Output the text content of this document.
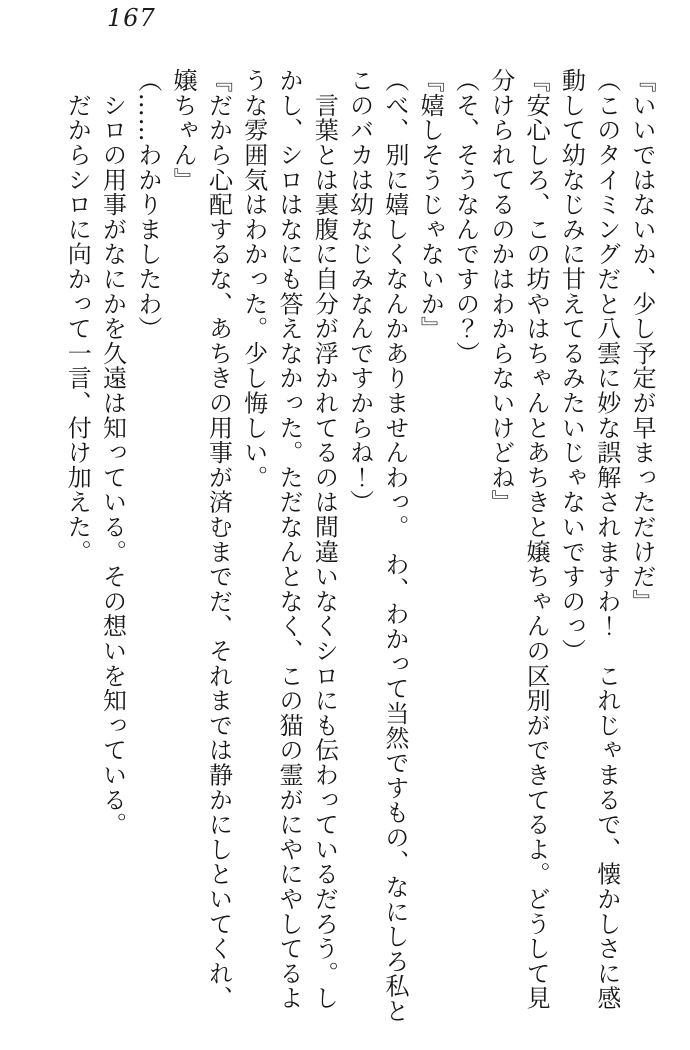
167

『いいではないか、少し予定が早まっただけだ』

（このタイミングだと八雲に妙な誤解されますわ！　これじゃまるで、懐かしさに感

動して幼なじみに甘えてるみたいじゃないですのっ）

『安心しろ、この坊やはちゃんとあちきと嬢ちゃんの区別ができてるよ。どうして見

分けられてるのかはわからないけどね』

（そ、そうなんですの？）

『嬉しそうじゃないか』

（べ、別に嬉しくなんかありませんわっ。　わ、わかって当然ですもの、なにしろ私と

このバカは幼なじみなんですからね！）

　言葉とは裏腹に自分が浮かれてるのは間違いなくシロにも伝わっているだろう。し

かし、シロはなにも答えなかった。ただなんとなく、この猫の霊がにやにやしてるよ

うな雰囲気はわかった。少し悔しい。

『だから心配するな、あちきの用事が済むまでだ、それまでは静かにしといてくれ、

嬢ちゃん』

（……わかりましたわ）

　シロの用事がなにかを久遠は知っている。その想いを知っている。

　だからシロに向かって一言、付け加えた。
